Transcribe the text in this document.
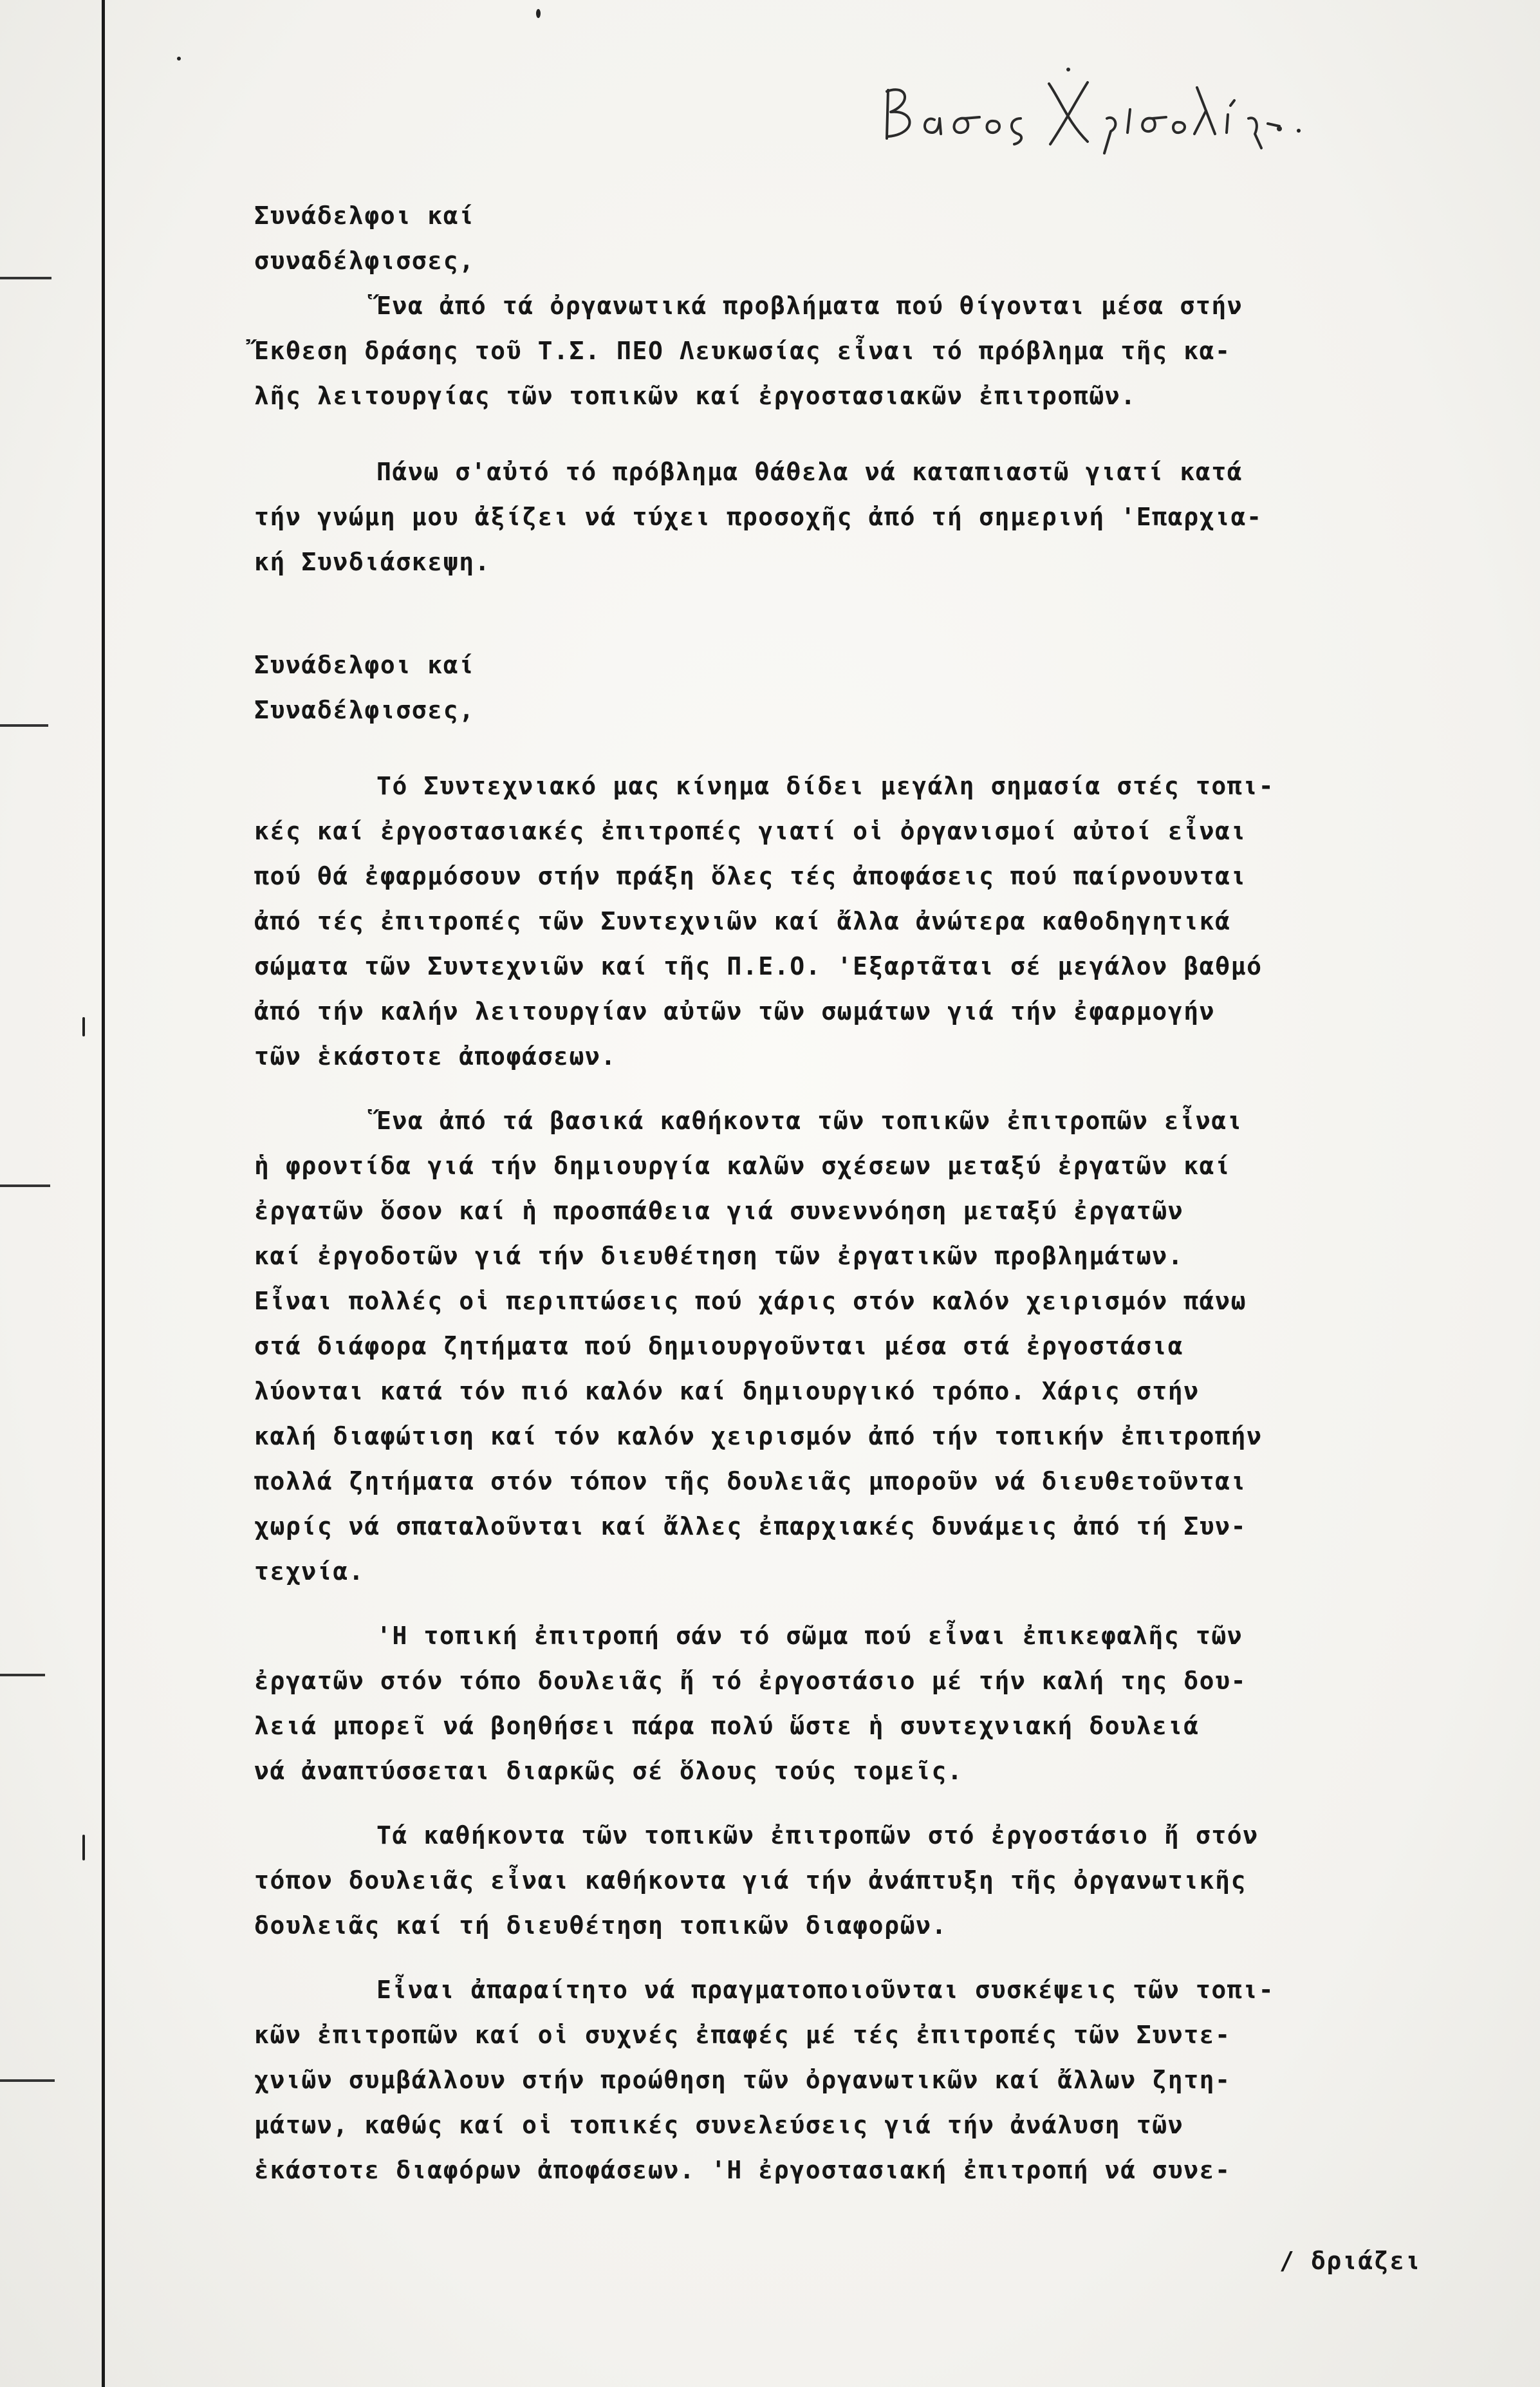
Συνάδελφοι καί
συναδέλφισσες,
Ἕνα ἀπό τά ὀργανωτικά προβλήματα πού θίγονται μέσα στήν
Ἔκθεση δράσης τοῦ Τ.Σ. ΠΕΟ Λευκωσίας εἶναι τό πρόβλημα τῆς κα-
λῆς λειτουργίας τῶν τοπικῶν καί ἐργοστασιακῶν ἐπιτροπῶν.
Πάνω σ'αὐτό τό πρόβλημα θάθελα νά καταπιαστῶ γιατί κατά
τήν γνώμη μου ἀξίζει νά τύχει προσοχῆς ἀπό τή σημερινή 'Επαρχια-
κή Συνδιάσκεψη.
Συνάδελφοι καί
Συναδέλφισσες,
Τό Συντεχνιακό μας κίνημα δίδει μεγάλη σημασία στές τοπι-
κές καί ἐργοστασιακές ἐπιτροπές γιατί οἱ ὀργανισμοί αὐτοί εἶναι
πού θά ἐφαρμόσουν στήν πράξη ὅλες τές ἀποφάσεις πού παίρνουνται
ἀπό τές ἐπιτροπές τῶν Συντεχνιῶν καί ἄλλα ἀνώτερα καθοδηγητικά
σώματα τῶν Συντεχνιῶν καί τῆς Π.Ε.Ο. 'Εξαρτᾶται σέ μεγάλον βαθμό
ἀπό τήν καλήν λειτουργίαν αὐτῶν τῶν σωμάτων γιά τήν ἐφαρμογήν
τῶν ἑκάστοτε ἀποφάσεων.
Ἕνα ἀπό τά βασικά καθήκοντα τῶν τοπικῶν ἐπιτροπῶν εἶναι
ἡ φροντίδα γιά τήν δημιουργία καλῶν σχέσεων μεταξύ ἐργατῶν καί
ἐργατῶν ὅσον καί ἡ προσπάθεια γιά συνεννόηση μεταξύ ἐργατῶν
καί ἐργοδοτῶν γιά τήν διευθέτηση τῶν ἐργατικῶν προβλημάτων.
Εἶναι πολλές οἱ περιπτώσεις πού χάρις στόν καλόν χειρισμόν πάνω
στά διάφορα ζητήματα πού δημιουργοῦνται μέσα στά ἐργοστάσια
λύονται κατά τόν πιό καλόν καί δημιουργικό τρόπο. Χάρις στήν
καλή διαφώτιση καί τόν καλόν χειρισμόν ἀπό τήν τοπικήν ἐπιτροπήν
πολλά ζητήματα στόν τόπον τῆς δουλειᾶς μποροῦν νά διευθετοῦνται
χωρίς νά σπαταλοῦνται καί ἄλλες ἐπαρχιακές δυνάμεις ἀπό τή Συν-
τεχνία.
'Η τοπική ἐπιτροπή σάν τό σῶμα πού εἶναι ἐπικεφαλῆς τῶν
ἐργατῶν στόν τόπο δουλειᾶς ἤ τό ἐργοστάσιο μέ τήν καλή της δου-
λειά μπορεῖ νά βοηθήσει πάρα πολύ ὥστε ἡ συντεχνιακή δουλειά
νά ἀναπτύσσεται διαρκῶς σέ ὅλους τούς τομεῖς.
Τά καθήκοντα τῶν τοπικῶν ἐπιτροπῶν στό ἐργοστάσιο ἤ στόν
τόπον δουλειᾶς εἶναι καθήκοντα γιά τήν ἀνάπτυξη τῆς ὀργανωτικῆς
δουλειᾶς καί τή διευθέτηση τοπικῶν διαφορῶν.
Εἶναι ἀπαραίτητο νά πραγματοποιοῦνται συσκέψεις τῶν τοπι-
κῶν ἐπιτροπῶν καί οἱ συχνές ἐπαφές μέ τές ἐπιτροπές τῶν Συντε-
χνιῶν συμβάλλουν στήν προώθηση τῶν ὀργανωτικῶν καί ἄλλων ζητη-
μάτων, καθώς καί οἱ τοπικές συνελεύσεις γιά τήν ἀνάλυση τῶν
ἑκάστοτε διαφόρων ἀποφάσεων. 'Η ἐργοστασιακή ἐπιτροπή νά συνε-
/ δριάζει
